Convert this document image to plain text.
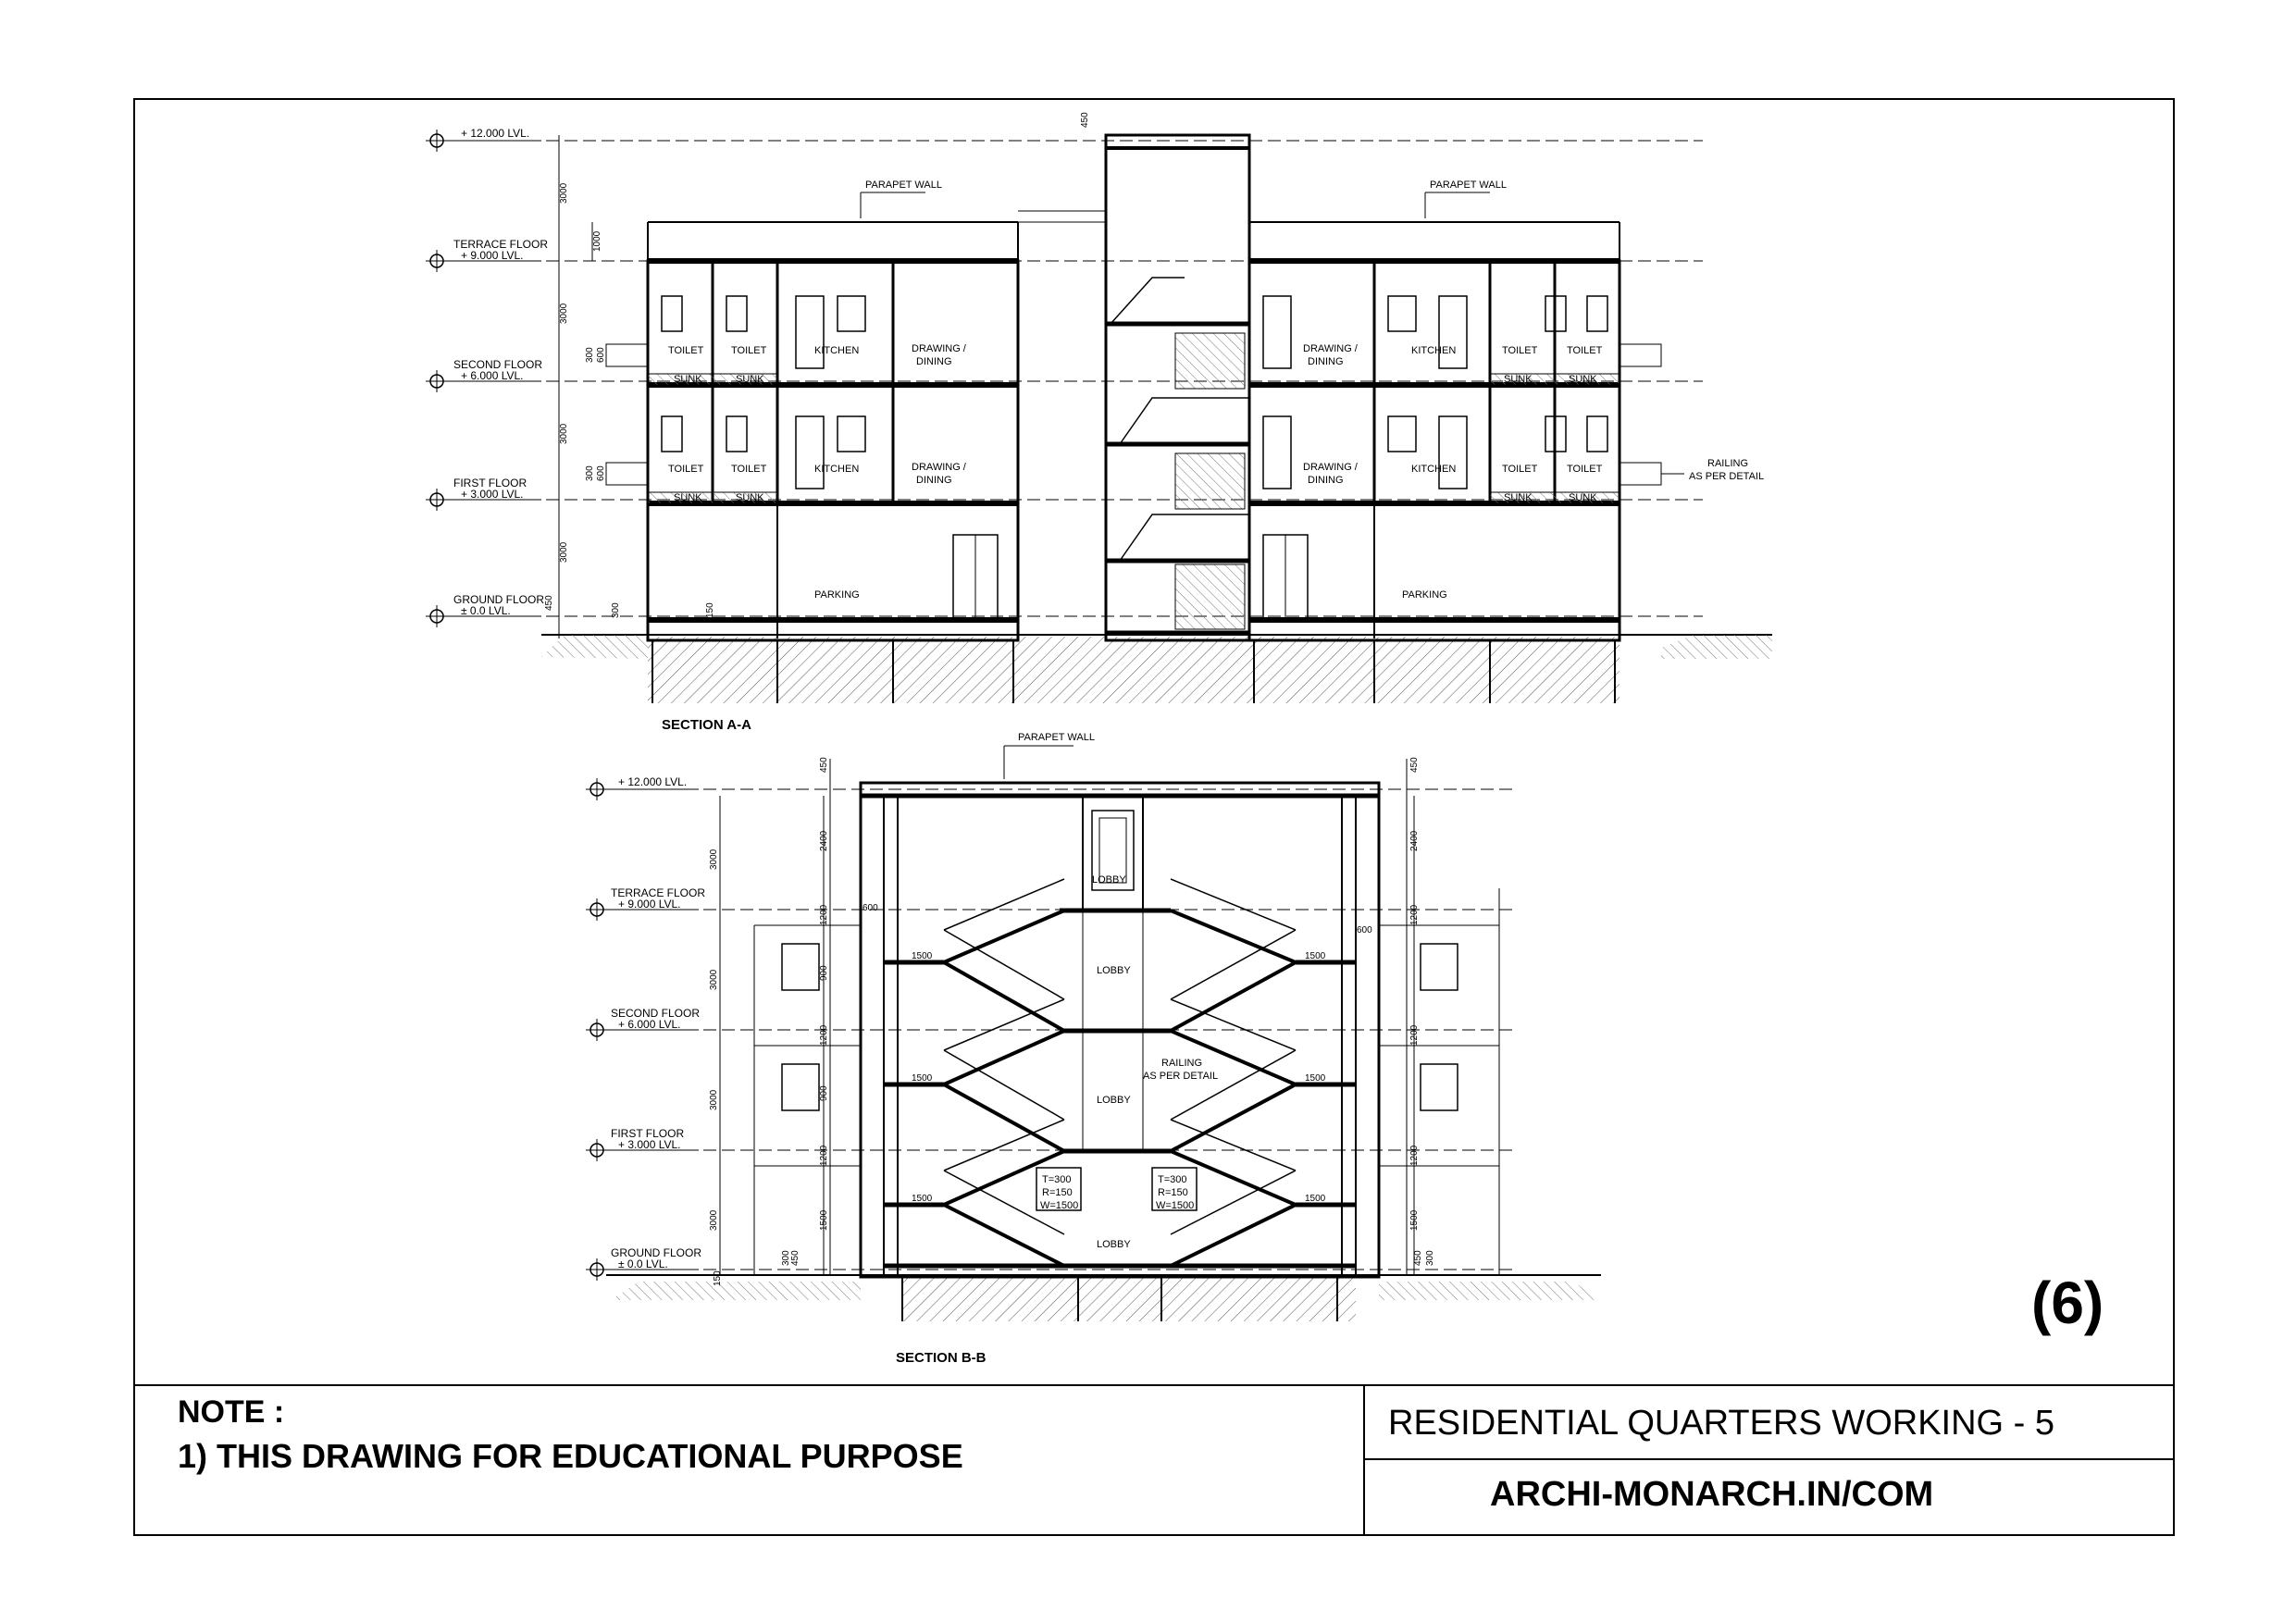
+ 12.000 LVL.
TERRACE FLOOR
+ 9.000 LVL.
SECOND FLOOR
+ 6.000 LVL.
FIRST FLOOR
+ 3.000 LVL.
GROUND FLOOR
± 0.0 LVL.
PARAPET WALL	PARAPET WALL
TOILET	TOILET	KITCHEN	DRAWING /
DINING
TOILET	TOILET	KITCHEN	DRAWING /
DINING
DRAWING /
DINING
KITCHEN	TOILET	TOILET
DRAWING /
DINING
KITCHEN	TOILET	TOILET
SUNK	SUNK
SUNK	SUNK
SUNK	SUNK
SUNK	SUNK
PARKING	PARKING
RAILING
AS PER DETAIL
SECTION A-A
3000
1000
3000
300 600
3000
300 600
3000
450	300	150
450
+ 12.000 LVL.
TERRACE FLOOR
+ 9.000 LVL.
SECOND FLOOR
+ 6.000 LVL.
FIRST FLOOR
+ 3.000 LVL.
GROUND FLOOR
± 0.0 LVL.
PARAPET WALL
LOBBY
LOBBY
LOBBY
LOBBY
RAILING
AS PER DETAIL
T=300
R=150
W=1500
T=300
R=150
W=1500
SECTION B-B
3000
3000
3000
3000
450
2400
1200
900
1200
900
1200
1500
600
1500
1500
1500
1500
1500
1500
600
450
2400
1200
1200
1200
1500
450
300
150
450 300
(6)
NOTE :
1) THIS DRAWING FOR EDUCATIONAL PURPOSE
RESIDENTIAL QUARTERS WORKING - 5
ARCHI-MONARCH.IN/COM
